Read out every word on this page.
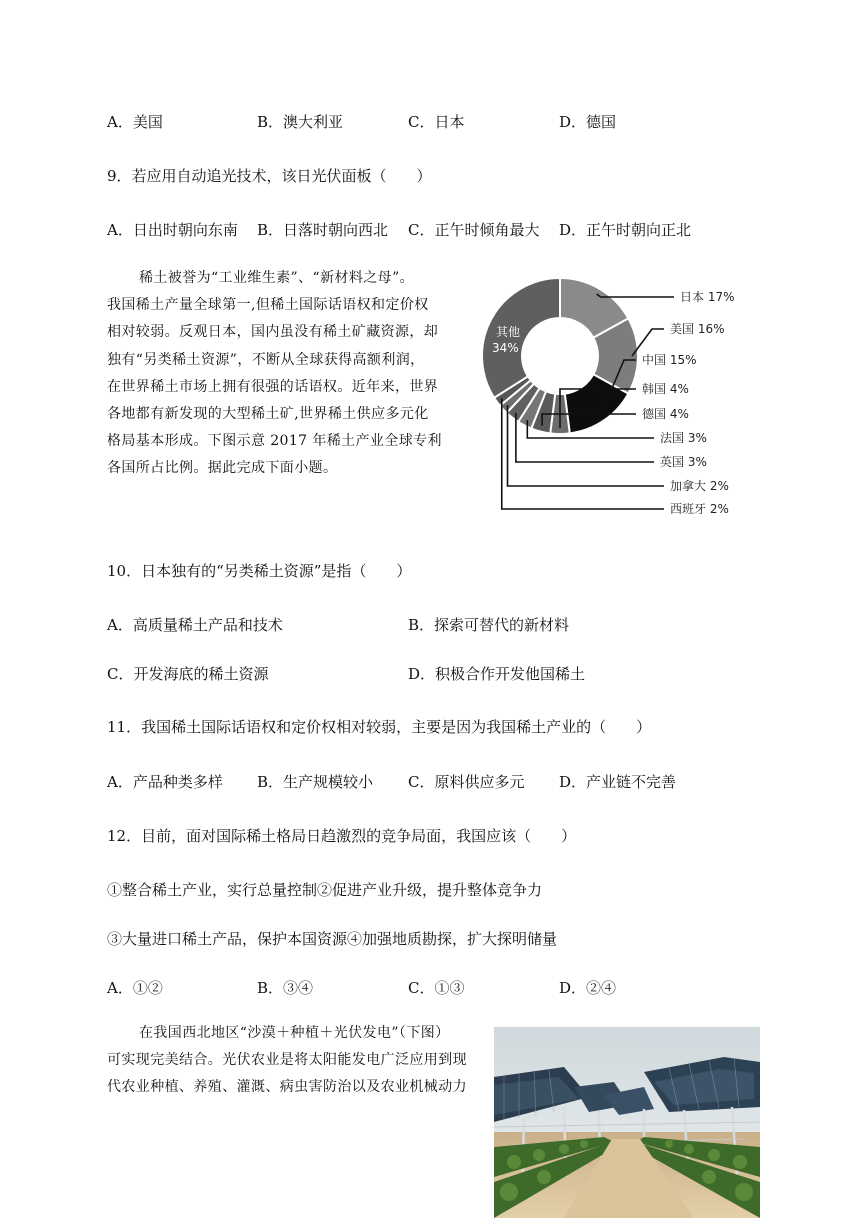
A．美国	B．澳大利亚	C．日本	D．德国
9．若应用自动追光技术，该日光伏面板（　　）
A．日出时朝向东南 B．日落时朝向西北 C．正午时倾角最大 D．正午时朝向正北
稀土被誉为“工业维生素”、“新材料之母”。
我国稀土产量全球第一,但稀土国际话语权和定价权
相对较弱。反观日本，国内虽没有稀土矿藏资源，却
独有“另类稀土资源”，不断从全球获得高额利润，
在世界稀土市场上拥有很强的话语权。近年来，世界
各地都有新发现的大型稀土矿,世界稀土供应多元化
格局基本形成。下图示意 2017 年稀土产业全球专利
各国所占比例。据此完成下面小题。
日本 17%
美国 16%
中国 15%
韩国 4%
德国 4%
法国 3%
英国 3%
加拿大 2%
西班牙 2%
其他
34%
10．日本独有的“另类稀土资源”是指（　　）
A．高质量稀土产品和技术	B．探索可替代的新材料
C．开发海底的稀土资源	D．积极合作开发他国稀土
11．我国稀土国际话语权和定价权相对较弱，主要是因为我国稀土产业的（　　）
A．产品种类多样 B．生产规模较小 C．原料供应多元 D．产业链不完善
12．目前，面对国际稀土格局日趋激烈的竞争局面，我国应该（　　）
①整合稀土产业，实行总量控制②促进产业升级，提升整体竞争力
③大量进口稀土产品，保护本国资源④加强地质勘探，扩大探明储量
A．①②	B．③④	C．①③	D．②④
在我国西北地区“沙漠＋种植＋光伏发电”（下图）
可实现完美结合。光伏农业是将太阳能发电广泛应用到现
代农业种植、养殖、灌溉、病虫害防治以及农业机械动力
